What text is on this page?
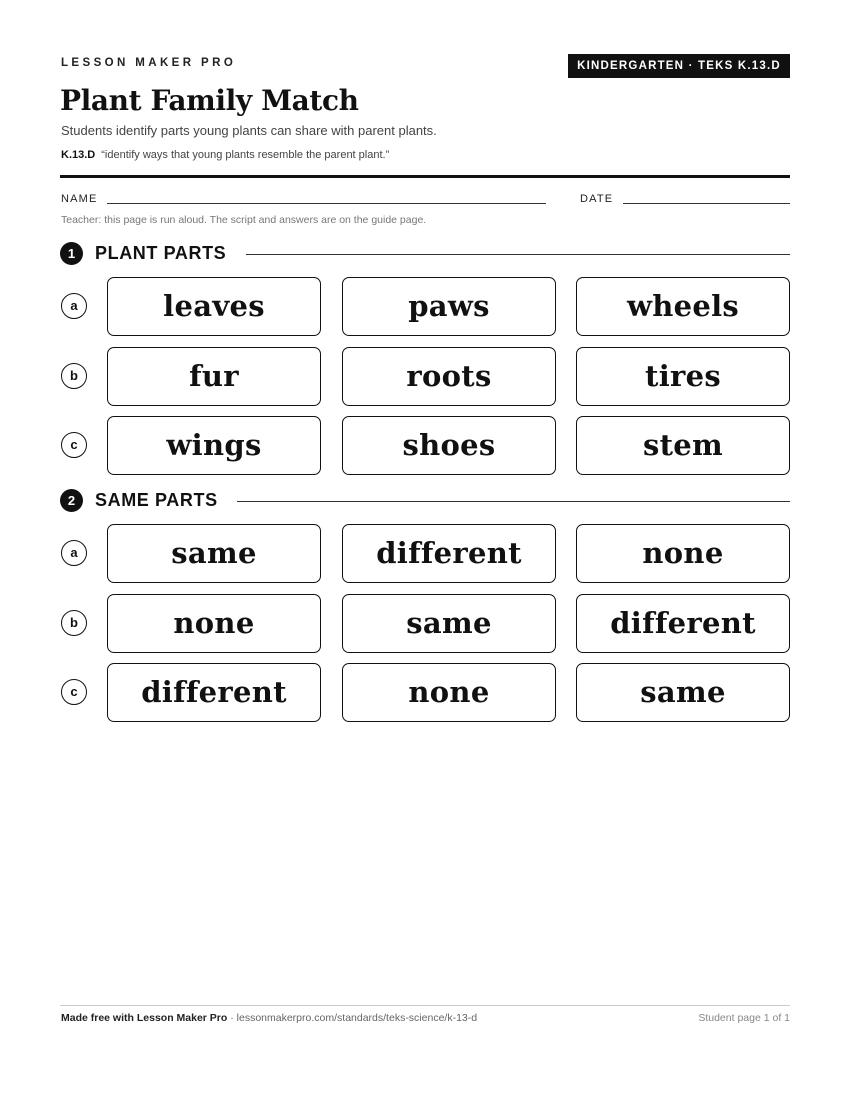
LESSON MAKER PRO	KINDERGARTEN · TEKS K.13.D
Plant Family Match
Students identify parts young plants can share with parent plants.
K.13.D “identify ways that young plants resemble the parent plant.”
NAME	DATE
Teacher: this page is run aloud. The script and answers are on the guide page.
1	PLANT PARTS
a	leaves	paws	wheels
b	fur	roots	tires
c	wings	shoes	stem
2	SAME PARTS
a	same	different	none
b	none	same	different
c	different	none	same
Made free with Lesson Maker Pro · lessonmakerpro.com/standards/teks-science/k-13-d	Student page 1 of 1
